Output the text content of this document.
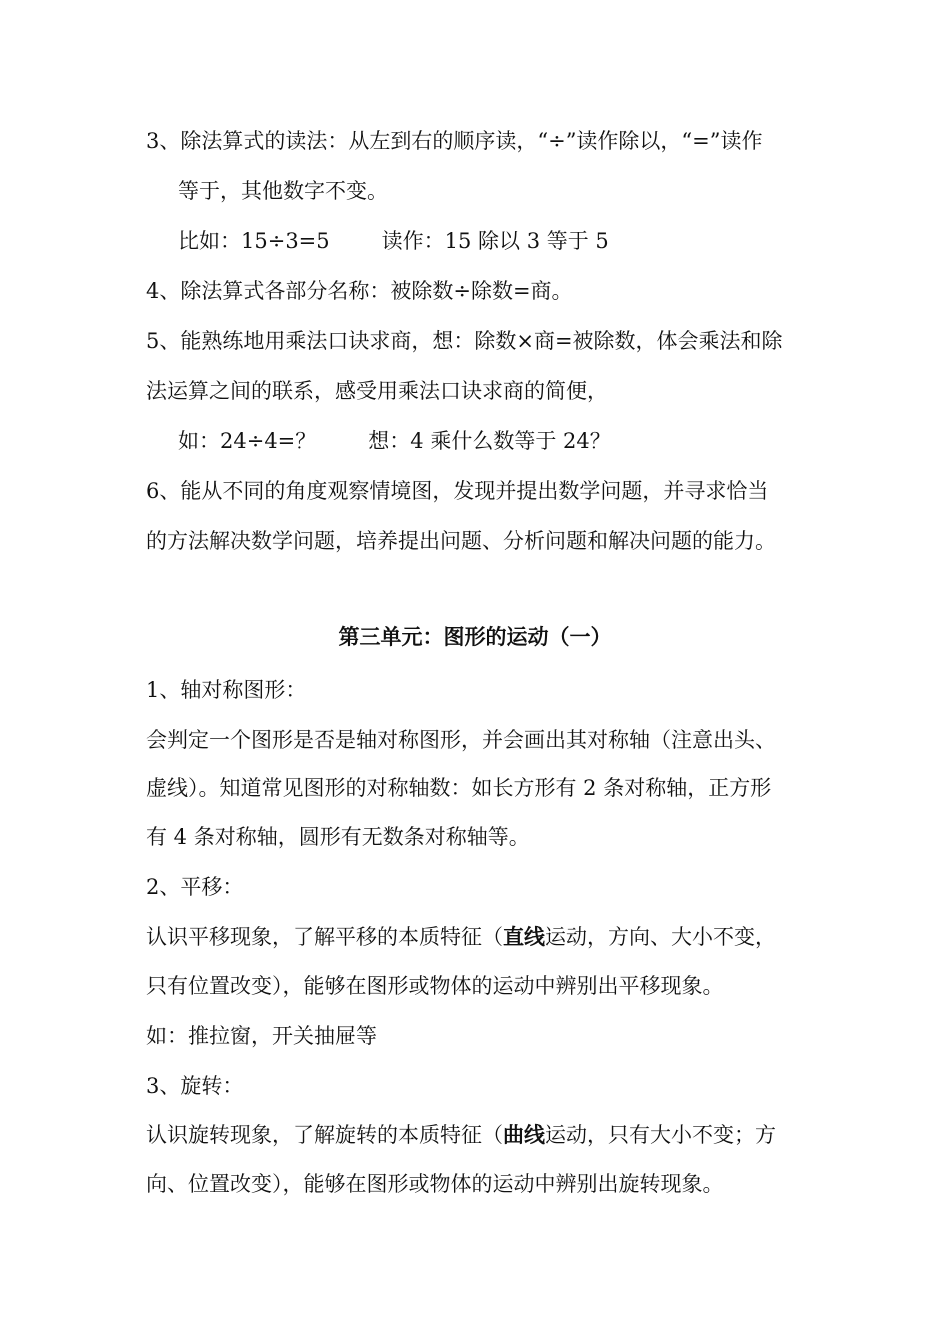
3、除法算式的读法：从左到右的顺序读，“÷”读作除以，“=”读作
等于，其他数字不变。
比如：15÷3=5 读作：15 除以 3 等于 5
4、除法算式各部分名称：被除数÷除数=商。
5、能熟练地用乘法口诀求商，想：除数×商=被除数，体会乘法和除
法运算之间的联系，感受用乘法口诀求商的简便，
如：24÷4=？ 想：4 乘什么数等于 24？
6、能从不同的角度观察情境图，发现并提出数学问题，并寻求恰当
的方法解决数学问题，培养提出问题、分析问题和解决问题的能力。
第三单元：图形的运动（一）
1、轴对称图形：
会判定一个图形是否是轴对称图形，并会画出其对称轴（注意出头、
虚线）。知道常见图形的对称轴数：如长方形有 2 条对称轴，正方形
有 4 条对称轴，圆形有无数条对称轴等。
2、平移：
认识平移现象，了解平移的本质特征（直线运动，方向、大小不变，
只有位置改变），能够在图形或物体的运动中辨别出平移现象。
如：推拉窗，开关抽屉等
3、旋转：
认识旋转现象，了解旋转的本质特征（曲线运动，只有大小不变；方
向、位置改变），能够在图形或物体的运动中辨别出旋转现象。
